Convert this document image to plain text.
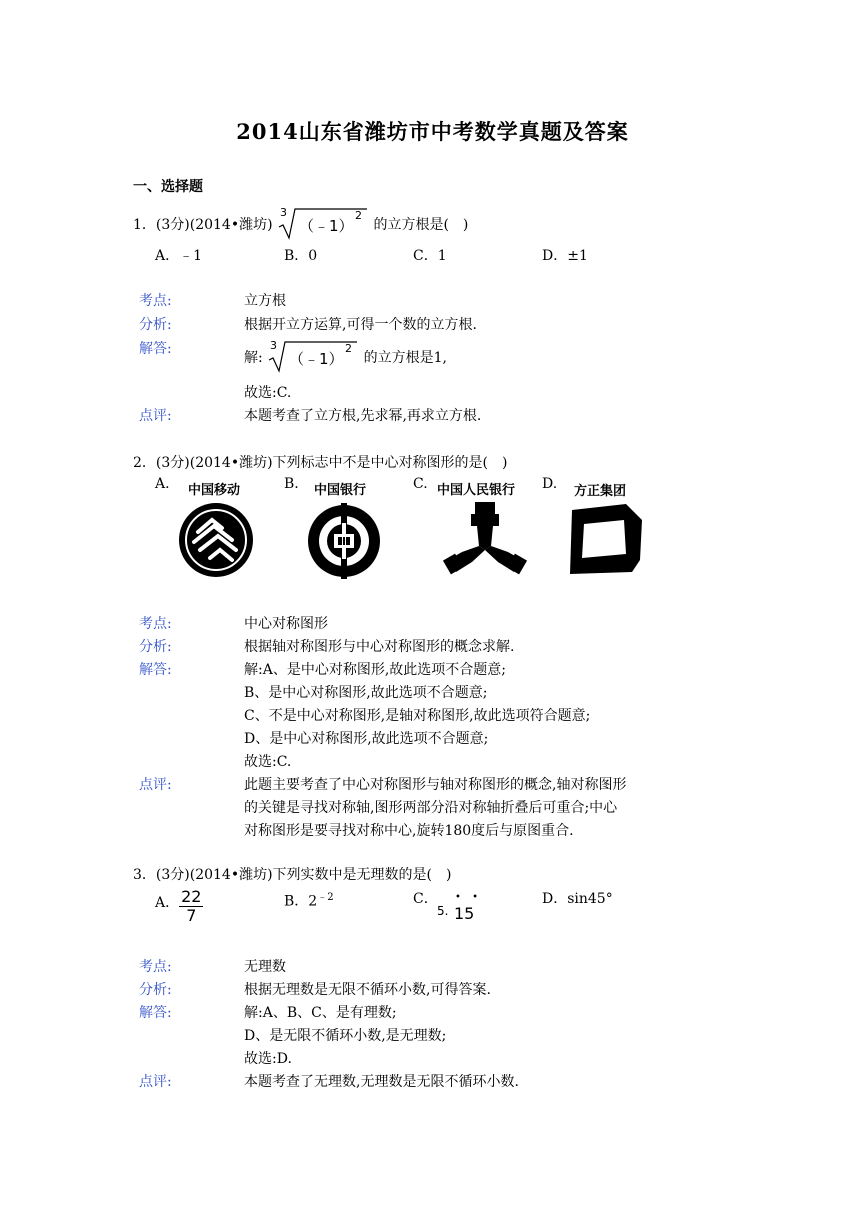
2014山东省潍坊市中考数学真题及答案
一、选择题
1．(3分)(2014•潍坊)
3
（﹣1）
2
的立方根是(　)
A．﹣1	B．0	C．1	D．±1
考点:	立方根
分析:	根据开立方运算,可得一个数的立方根.
解答:
解:
3
（﹣1）
2
的立方根是1,
故选:C.
点评:	本题考查了立方根,先求幂,再求立方根.
2．(3分)(2014•潍坊)下列标志中不是中心对称图形的是(　)
A.	B.	C.	D.
中国移动	中国银行	中国人民银行	方正集团
考点:	中心对称图形
分析:	根据轴对称图形与中心对称图形的概念求解.
解答:	解:A、是中心对称图形,故此选项不合题意;
B、是中心对称图形,故此选项不合题意;
C、不是中心对称图形,是轴对称图形,故此选项符合题意;
D、是中心对称图形,故此选项不合题意;
故选:C.
点评:	此题主要考查了中心对称图形与轴对称图形的概念,轴对称图形
的关键是寻找对称轴,图形两部分沿对称轴折叠后可重合;中心
对称图形是要寻找对称中心,旋转180度后与原图重合.
3．(3分)(2014•潍坊)下列实数中是无理数的是(　)
A． $\frac{22}{7}$	B．$2^{﹣2}$	C．
5.
• •
15
D．sin45°
考点:	无理数
分析:	根据无理数是无限不循环小数,可得答案.
解答:	解:A、B、C、是有理数;
D、是无限不循环小数,是无理数;
故选:D.
点评:	本题考查了无理数,无理数是无限不循环小数.
